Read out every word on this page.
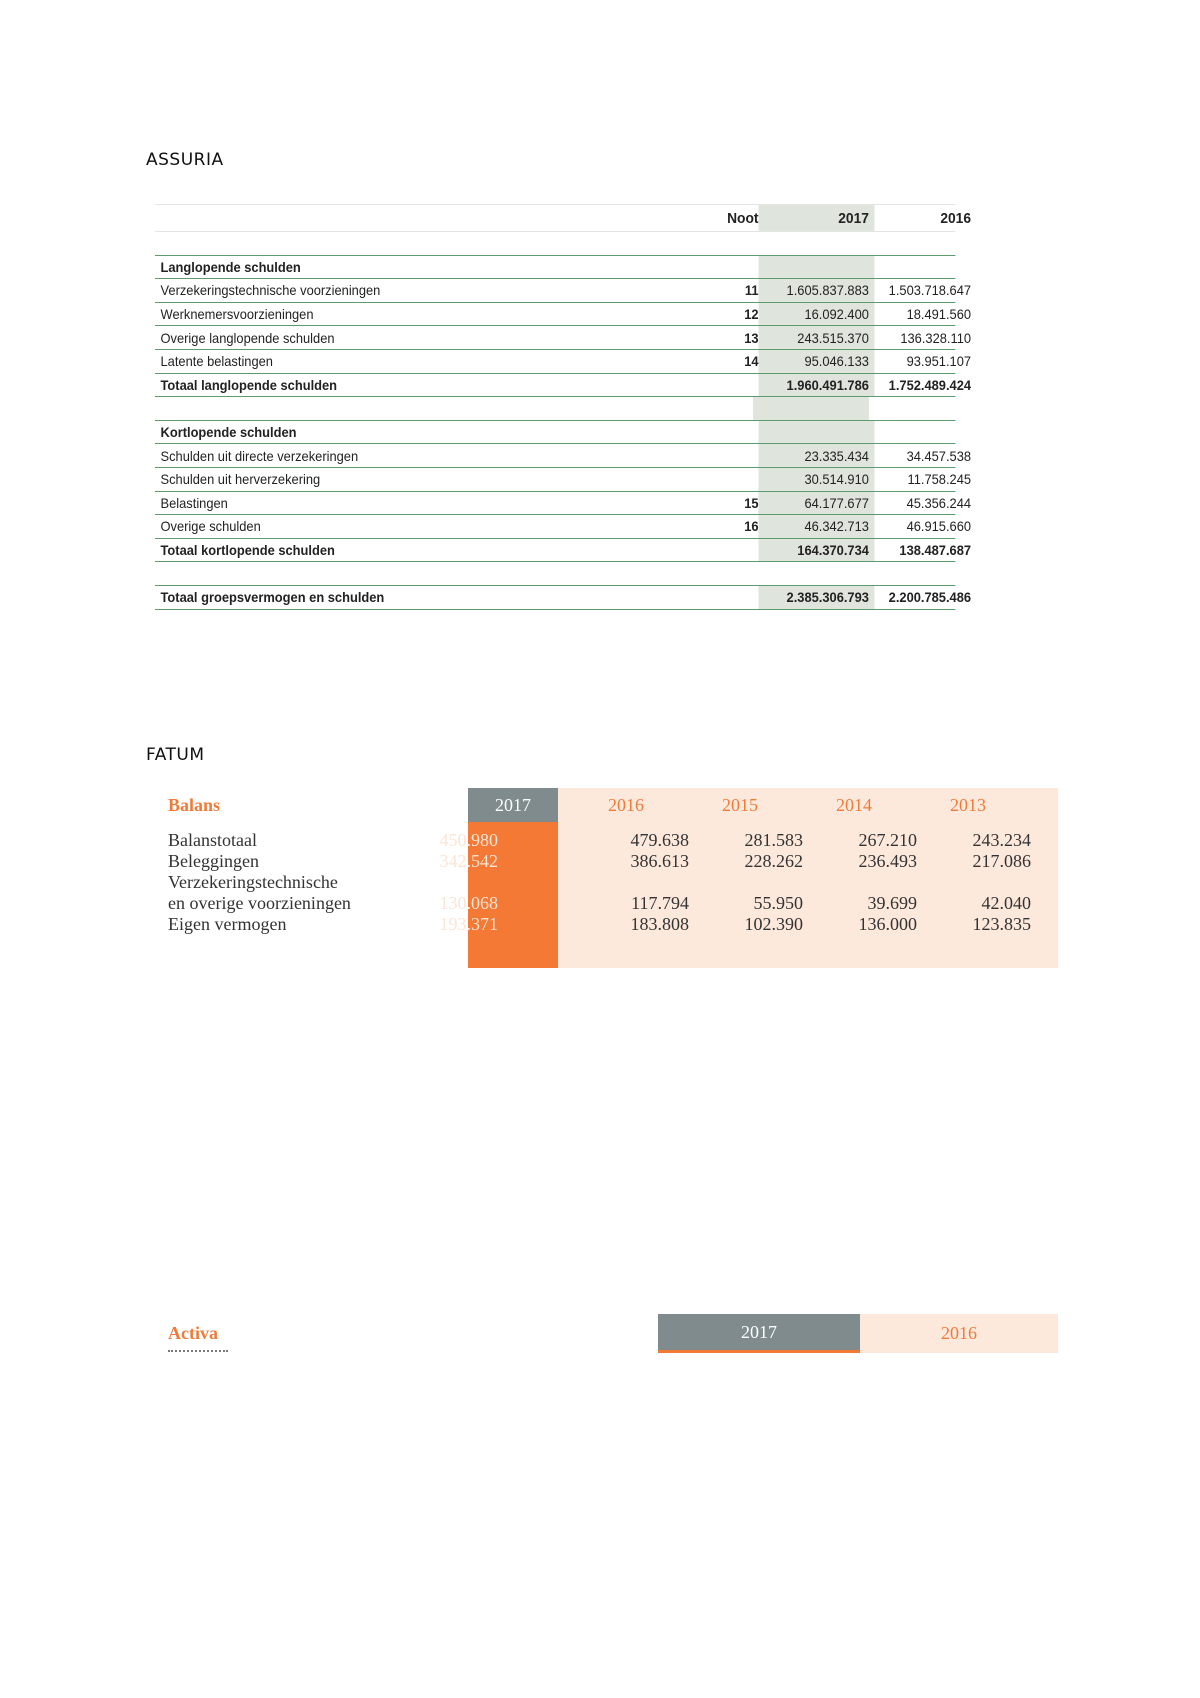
ASSURIA
Noot	2017	2016
Langlopende schulden
Verzekeringstechnische voorzieningen	11	1.605.837.883	1.503.718.647
Werknemersvoorzieningen	12	16.092.400	18.491.560
Overige langlopende schulden	13	243.515.370	136.328.110
Latente belastingen	14	95.046.133	93.951.107
Totaal langlopende schulden	1.960.491.786	1.752.489.424
Kortlopende schulden
Schulden uit directe verzekeringen	23.335.434	34.457.538
Schulden uit herverzekering	30.514.910	11.758.245
Belastingen	15	64.177.677	45.356.244
Overige schulden	16	46.342.713	46.915.660
Totaal kortlopende schulden	164.370.734	138.487.687
Totaal groepsvermogen en schulden	2.385.306.793	2.200.785.486
FATUM
Balans	2017	2016	2015	2014	2013
Balanstotaal	450.980	479.638	281.583	267.210	243.234
Beleggingen	342.542	386.613	228.262	236.493	217.086
Verzekeringstechnische
en overige voorzieningen	130.068	117.794	55.950	39.699	42.040
Eigen vermogen	193.371	183.808	102.390	136.000	123.835
Activa	2017	2016
